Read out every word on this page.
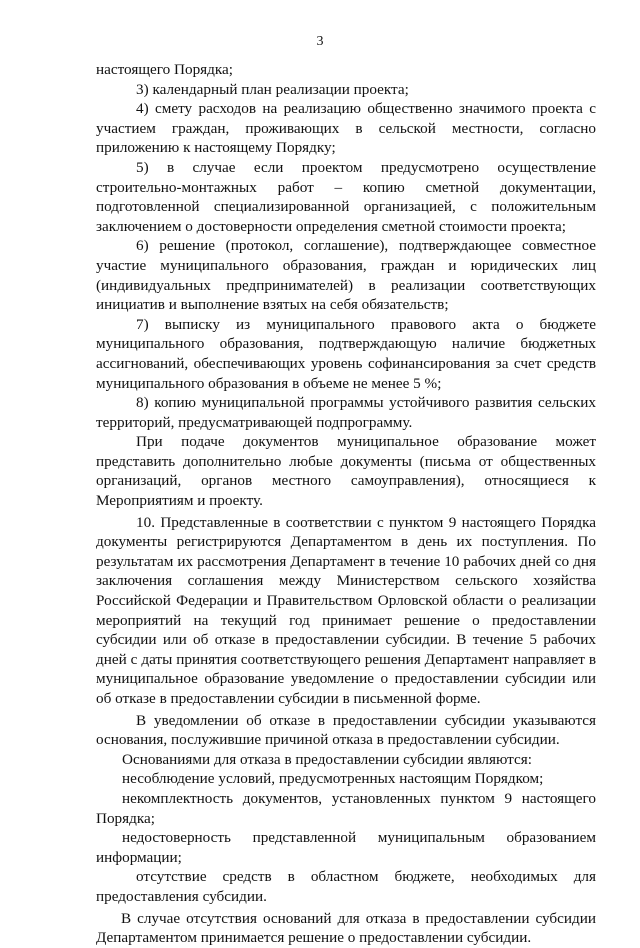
3

настоящего Порядка;

3) календарный план реализации проекта;

4) смету расходов на реализацию общественно значимого проекта с участием граждан, проживающих в сельской местности, согласно приложению к настоящему Порядку;

5) в случае если проектом предусмотрено осуществление строительно-монтажных работ – копию сметной документации, подготовленной специализированной организацией, с положительным заключением о достоверности определения сметной стоимости проекта;

6) решение (протокол, соглашение), подтверждающее совместное участие муниципального образования, граждан и юридических лиц (индивидуальных предпринимателей) в реализации соответствующих инициатив и выполнение взятых на себя обязательств;

7) выписку из муниципального правового акта о бюджете муниципального образования, подтверждающую наличие бюджетных ассигнований, обеспечивающих уровень софинансирования за счет средств муниципального образования в объеме не менее 5 %;

8) копию муниципальной программы устойчивого развития сельских территорий, предусматривающей подпрограмму.

При подаче документов муниципальное образование может представить дополнительно любые документы (письма от общественных организаций, органов местного самоуправления), относящиеся к Мероприятиям и проекту.

10. Представленные в соответствии с пунктом 9 настоящего Порядка документы регистрируются Департаментом в день их поступления. По результатам их рассмотрения Департамент в течение 10 рабочих дней со дня заключения соглашения между Министерством сельского хозяйства Российской Федерации и Правительством Орловской области о реализации мероприятий на текущий год принимает решение о предоставлении субсидии или об отказе в предоставлении субсидии. В течение 5 рабочих дней с даты принятия соответствующего решения Департамент направляет в муниципальное образование уведомление о предоставлении субсидии или об отказе в предоставлении субсидии в письменной форме.

В уведомлении об отказе в предоставлении субсидии указываются основания, послужившие причиной отказа в предоставлении субсидии.

Основаниями для отказа в предоставлении субсидии являются:

несоблюдение условий, предусмотренных настоящим Порядком;

некомплектность документов, установленных пунктом 9 настоящего Порядка;

недостоверность представленной муниципальным образованием информации;

отсутствие средств в областном бюджете, необходимых для предоставления субсидии.

В случае отсутствия оснований для отказа в предоставлении субсидии Департаментом принимается решение о предоставлении субсидии.
